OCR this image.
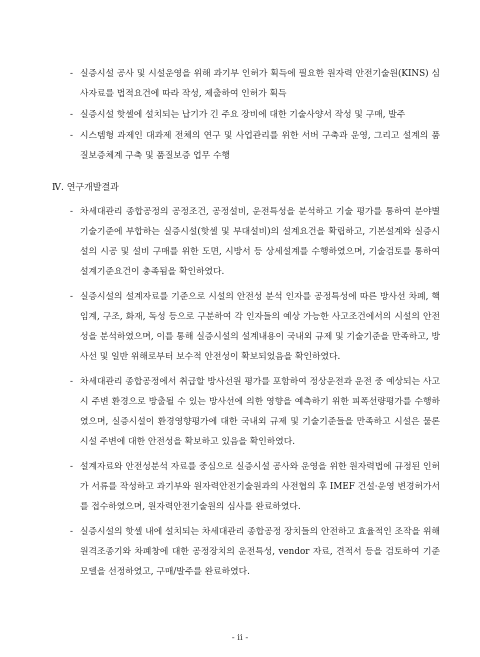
- 실증시설 공사 및 시설운영을 위해 과기부 인허가 획득에 필요한 원자력 안전기술원(KINS) 심사자료를 법적요건에 따라 작성, 제출하여 인허가 획득
- 실증시설 핫셀에 설치되는 납기가 긴 주요 장비에 대한 기술사양서 작성 및 구매, 발주
- 시스템형 과제인 대과제 전체의 연구 및 사업관리를 위한 서버 구축과 운영, 그리고 설계의 품질보증체계 구축 및 품질보증 업무 수행
Ⅳ. 연구개발결과
- 차세대관리 종합공정의 공정조건, 공정설비, 운전특성을 분석하고 기술 평가를 통하여 분야별 기술기준에 부합하는 실증시설(핫셀 및 부대설비)의 설계요건을 확립하고, 기본설계와 실증시설의 시공 및 설비 구매를 위한 도면, 시방서 등 상세설계를 수행하였으며, 기술검토를 통하여 설계기준요건이 충족됨을 확인하였다.
- 실증시설의 설계자료를 기준으로 시설의 안전성 분석 인자를 공정특성에 따른 방사선 차폐, 핵임계, 구조, 화재, 독성 등으로 구분하여 각 인자들의 예상 가능한 사고조건에서의 시설의 안전성을 분석하였으며, 이를 통해 실증시설의 설계내용이 국내외 규제 및 기술기준을 만족하고, 방사선 및 일반 위해로부터 보수적 안전성이 확보되었음을 확인하였다.
- 차세대관리 종합공정에서 취급할 방사선원 평가를 포함하여 정상운전과 운전 중 예상되는 사고시 주변 환경으로 방출될 수 있는 방사선에 의한 영향을 예측하기 위한 피폭선량평가를 수행하였으며, 실증시설이 환경영향평가에 대한 국내외 규제 및 기술기준들을 만족하고 시설은 물론 시설 주변에 대한 안전성을 확보하고 있음을 확인하였다.
- 설계자료와 안전성분석 자료를 중심으로 실증시설 공사와 운영을 위한 원자력법에 규정된 인허가 서류를 작성하고 과기부와 원자력안전기술원과의 사전협의 후 IMEF 건설·운영 변경허가서를 접수하였으며, 원자력안전기술원의 심사를 완료하였다.
- 실증시설의 핫셀 내에 설치되는 차세대관리 종합공정 장치들의 안전하고 효율적인 조작을 위해 원격조종기와 차폐창에 대한 공정장치의 운전특성, vendor 자료, 견적서 등을 검토하여 기준모델을 선정하였고, 구매/발주를 완료하였다.
- ⅱ -
